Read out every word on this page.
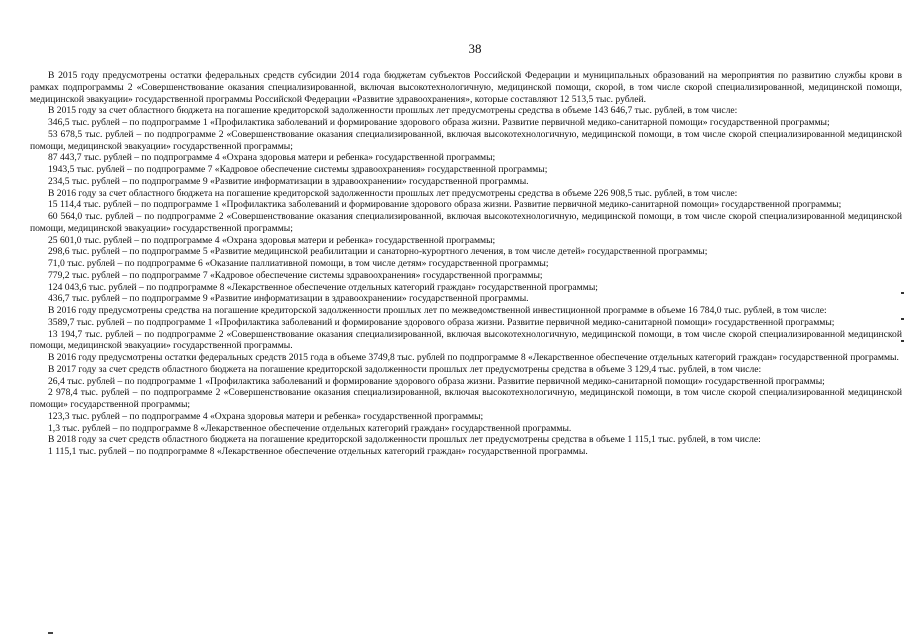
38

В 2015 году предусмотрены остатки федеральных средств субсидии 2014 года бюджетам субъектов Российской Федерации и муниципальных образований на мероприятия по развитию службы крови в рамках подпрограммы 2 «Совершенствование оказания специализированной, включая высокотехнологичную, медицинской помощи, скорой, в том числе скорой специализированной, медицинской помощи, медицинской эвакуации» государственной программы Российской Федерации «Развитие здравоохранения», которые составляют 12 513,5 тыс. рублей.

В 2015 году за счет областного бюджета на погашение кредиторской задолженности прошлых лет предусмотрены средства в объеме 143 646,7 тыс. рублей, в том числе:

346,5 тыс. рублей – по подпрограмме 1 «Профилактика заболеваний и формирование здорового образа жизни. Развитие первичной медико-санитарной помощи» государственной программы;

53 678,5 тыс. рублей – по подпрограмме 2 «Совершенствование оказания специализированной, включая высокотехнологичную, медицинской помощи, в том числе скорой специализированной медицинской помощи, медицинской эвакуации» государственной программы;

87 443,7 тыс. рублей – по подпрограмме 4 «Охрана здоровья матери и ребенка» государственной программы;

1943,5 тыс. рублей – по подпрограмме 7 «Кадровое обеспечение системы здравоохранения» государственной программы;

234,5 тыс. рублей – по подпрограмме 9 «Развитие информатизации в здравоохранении» государственной программы.

В 2016 году за счет областного бюджета на погашение кредиторской задолженности прошлых лет предусмотрены средства в объеме 226 908,5 тыс. рублей, в том числе:

15 114,4 тыс. рублей – по подпрограмме 1 «Профилактика заболеваний и формирование здорового образа жизни. Развитие первичной медико-санитарной помощи» государственной программы;

60 564,0 тыс. рублей – по подпрограмме 2 «Совершенствование оказания специализированной, включая высокотехнологичную, медицинской помощи, в том числе скорой специализированной медицинской помощи, медицинской эвакуации» государственной программы;

25 601,0 тыс. рублей – по подпрограмме 4 «Охрана здоровья матери и ребенка» государственной программы;

298,6 тыс. рублей – по подпрограмме 5 «Развитие медицинской реабилитации и санаторно-курортного лечения, в том числе детей» государственной программы;

71,0 тыс. рублей – по подпрограмме 6 «Оказание паллиативной помощи, в том числе детям» государственной программы;

779,2 тыс. рублей – по подпрограмме 7 «Кадровое обеспечение системы здравоохранения» государственной программы;

124 043,6 тыс. рублей – по подпрограмме 8 «Лекарственное обеспечение отдельных категорий граждан» государственной программы;

436,7 тыс. рублей – по подпрограмме 9 «Развитие информатизации в здравоохранении» государственной программы.

В 2016 году предусмотрены средства на погашение кредиторской задолженности прошлых лет по межведомственной инвестиционной программе в объеме 16 784,0 тыс. рублей, в том числе:

3589,7 тыс. рублей – по подпрограмме 1 «Профилактика заболеваний и формирование здорового образа жизни. Развитие первичной медико-санитарной помощи» государственной программы;

13 194,7 тыс. рублей – по подпрограмме 2 «Совершенствование оказания специализированной, включая высокотехнологичную, медицинской помощи, в том числе скорой специализированной медицинской помощи, медицинской эвакуации» государственной программы.

В 2016 году предусмотрены остатки федеральных средств 2015 года в объеме 3749,8 тыс. рублей по подпрограмме 8 «Лекарственное обеспечение отдельных категорий граждан» государственной программы.

В 2017 году за счет средств областного бюджета на погашение кредиторской задолженности прошлых лет предусмотрены средства в объеме 3 129,4 тыс. рублей, в том числе:

26,4 тыс. рублей – по подпрограмме 1 «Профилактика заболеваний и формирование здорового образа жизни. Развитие первичной медико-санитарной помощи» государственной программы;

2 978,4 тыс. рублей – по подпрограмме 2 «Совершенствование оказания специализированной, включая высокотехнологичную, медицинской помощи, в том числе скорой специализированной медицинской помощи» государственной программы;

123,3 тыс. рублей – по подпрограмме 4 «Охрана здоровья матери и ребенка» государственной программы;

1,3 тыс. рублей – по подпрограмме 8 «Лекарственное обеспечение отдельных категорий граждан» государственной программы.

В 2018 году за счет средств областного бюджета на погашение кредиторской задолженности прошлых лет предусмотрены средства в объеме 1 115,1 тыс. рублей, в том числе:

1 115,1 тыс. рублей – по подпрограмме 8 «Лекарственное обеспечение отдельных категорий граждан» государственной программы.
